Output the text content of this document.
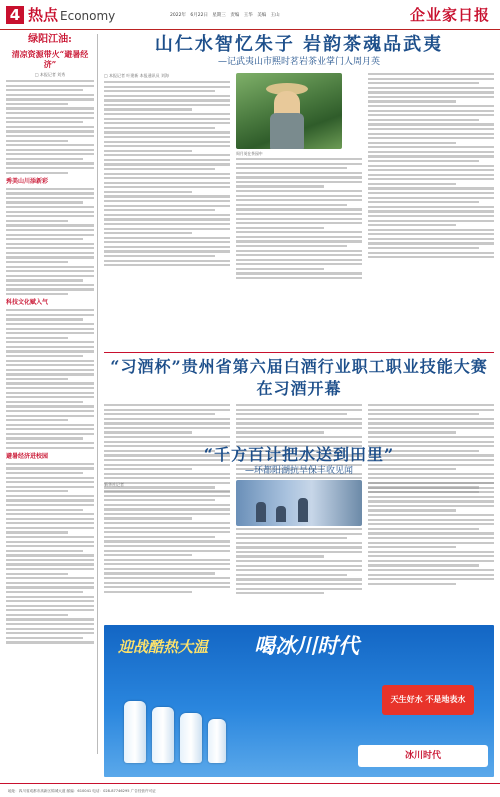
4 热点 Economy	2022年 6月22日 星期三 责编 王华 美编 王山	企业家日报
绿阳江油:
清凉资源带火“避暑经济”
□ 本报记者 刘秀
秀美山川添新彩
科技文化赋入气
避暑经济进校园
山仁水智忆朱子 岩韵茶魂品武夷
—记武夷山市熙时茗岩茶业掌门人周月英
□ 本报记者 叶建新 本报通讯员 刘海
周月英在茶园中
“习酒杯”贵州省第六届白酒行业职工职业技能大赛在习酒开幕
“千方百计把水送到田里”
—环都阳湖抗旱保丰收见闻
新华社记者
迎战酷热大温 喝冰川时代
天生好水 不是地表水
冰川时代
地址：四川省成都市高新区锦城大道 邮编：610041 电话：028-87746295 广告经营许可证
